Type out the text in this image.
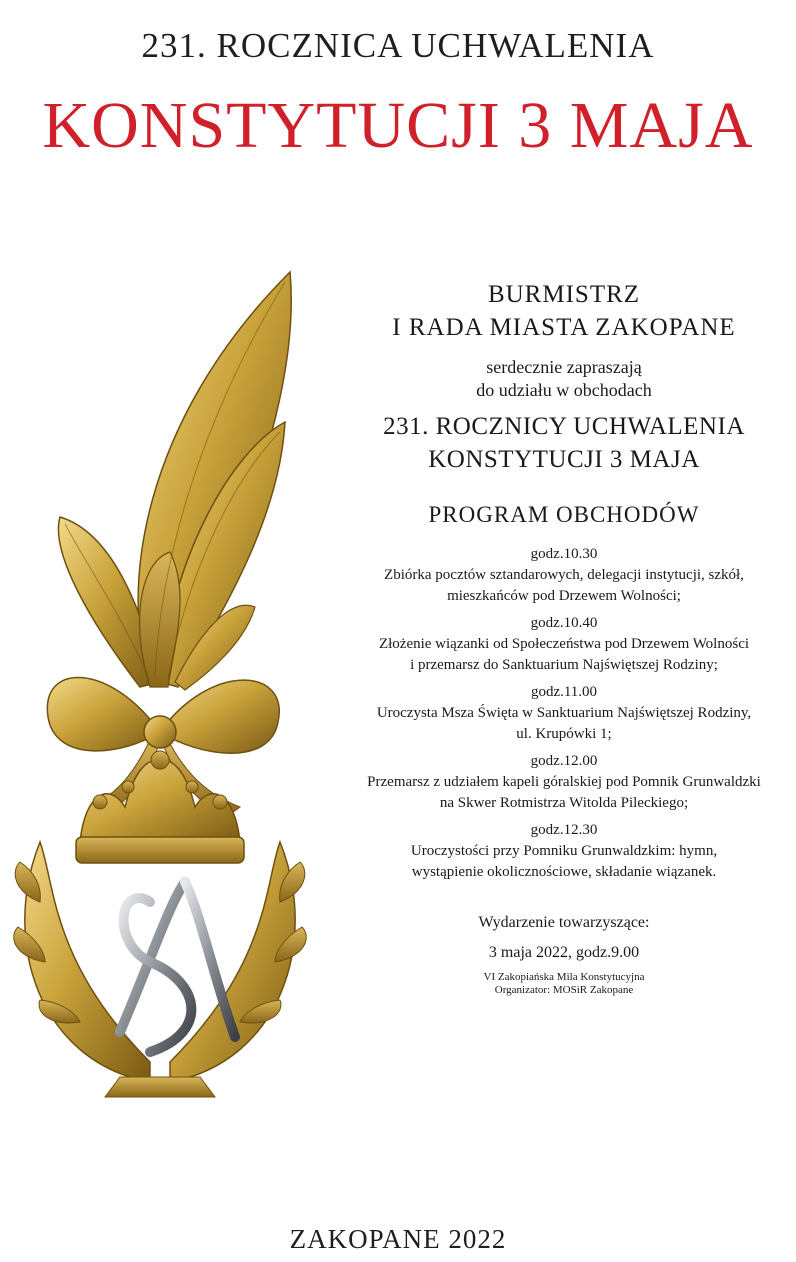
231. ROCZNICA UCHWALENIA
KONSTYTUCJI 3 MAJA
BURMISTRZ
I RADA MIASTA ZAKOPANE
serdecznie zapraszają
do udziału w obchodach
231. ROCZNICY UCHWALENIA
KONSTYTUCJI 3 MAJA
PROGRAM OBCHODÓW
godz.10.30
Zbiórka pocztów sztandarowych, delegacji instytucji, szkół,
mieszkańców pod Drzewem Wolności;
godz.10.40
Złożenie wiązanki od Społeczeństwa pod Drzewem Wolności
i przemarsz do Sanktuarium Najświętszej Rodziny;
godz.11.00
Uroczysta Msza Święta w Sanktuarium Najświętszej Rodziny,
ul. Krupówki 1;
godz.12.00
Przemarsz z udziałem kapeli góralskiej pod Pomnik Grunwaldzki
na Skwer Rotmistrza Witolda Pileckiego;
godz.12.30
Uroczystości przy Pomniku Grunwaldzkim: hymn,
wystąpienie okolicznościowe, składanie wiązanek.
Wydarzenie towarzyszące:
3 maja 2022, godz.9.00
VI Zakopiańska Mila Konstytucyjna
Organizator: MOSiR Zakopane
ZAKOPANE 2022
